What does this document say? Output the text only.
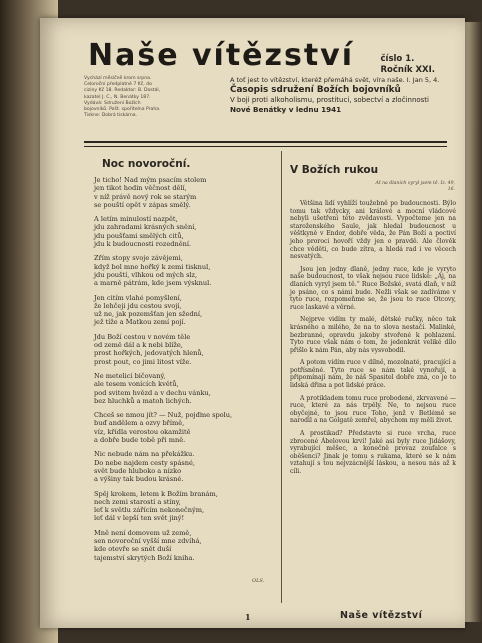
Naše vítězství	číslo 1.
Ročník XXI.
Vychází měsíčně krom srpna. Celoroční předplatné 7 Kč, do ciziny Kč 18. Redaktor: B. Dostál, kazatel J. C., N. Benátky 187. Vydává: Sdružení Božích bojovníků. Pošt. spořitelna Praha. Tiskne: Dobrá tiskárna.
A toť jest to vítězství, kteréž přemáhá svět, víra naše. I. Jan 5, 4.
Časopis sdružení Božích bojovníků
V boji proti alkoholismu, prostituci, sobectví a zločinnosti
Nové Benátky v lednu 1941
Noc novoroční.
Je ticho! Nad mým psacím stolem
jen tikot hodin věčnost dělí,
v níž právě nový rok se starým
se pouští opět v zápas smělý.
A letím minulostí nazpět,
jdu zahradami krásných snění,
jdu poušťami smělých citů,
jdu k budoucnosti rozednění.
Zřím stopy svoje závějemi,
když bol mne hořký k zemi tisknul,
jdu pouští, vlhkou od mých slz,
a marně pátrám, kde jsem výsknul.
Jen citím vlahé pomyšlení,
že lehčeji jdu cestou svojí,
už ne, jak pozemšťan jen sžední,
jež tíže a Matkou zemí pojí.
Jdu Boží cestou v novém těle
od země dál a k nebi blíže,
prost hořkých, jedovatých hlenů,
prost pout, co jimi litost víže.
Ne metelicí bičovaný,
ale tesem vonících květů,
pod svitem hvězd a v dechu vánku,
bez hluchků a matoh lichých.
Chceš se nmou jít? — Nuž, pojďme spolu,
buď andělem a ozvy břímě,
víz, křídla verostou okamžitě
a dobře bude tobě při mně.
Nic nebude nám na překážku.
Do nebe najdem cesty spásné,
svět bude hluboko a nízko
a výšiny tak budou krásné.
Spěj krokem, letem k Božím branám,
nech zemi starostí a stíny,
leť k světlu zářícím nekonečným,
leť dál v lepší ten svět jiný!
Mně není domovem už země,
sen novoroční vyšší mne zdvíhá,
kde otevře se snět duší
tajemství skrytých Boží kniha.
OLS.
V Božích rukou
Ať na dlaních vyryl jsem tě. Iz. 49, 16.

Většina lidí vyhlíží toužebně po budoucnosti. Býlo tomu tak vždycky, ani králové a mocní vládcové nebyli ušetřeni této zvědavosti. Vypočteme jen na staroženského Saule, jak hledal budoucnost u věštkyně v Endor, dobře věda, že Pán Boží a poctiví jeho proroci hovoří vždy jen o pravdě. Ale člověk chce věděti, co bude zítra, a hledá rad i ve věcech nesvatých.

Jsou jen jedny dlaně, jedny ruce, kde je vyryto naše budoucnost, to však nejsou ruce lidské: „Aj, na dlaních vyryl jsem tě.“ Ruce Božské, svatá dlaň, v níž je psáno, co s námi bude. Nežli však se zadíváme v tyto ruce, rozpomeňme se, že jsou to ruce Otcovy, ruce laskavé a věrné.

Nejprve vidím ty malé, dětské ručky, něco tak krásného a milého, že na to slova nestačí. Malinké, bezbranné, opravdu jakoby stvořené k pohlazení. Tyto ruce však nám o tom, že jedenkrát veliké dílo přišlo k nám Pán, aby nás vysvobodil.

A potom vidím ruce v dílně, mozolnaté, pracující a potřísněné. Tyto ruce se nám také vynořují, a připomínají nám, že náš Spasitel dobře zná, co je to lidská dřina a pot lidské práce.

A protikladem tomu ruce probodené, zkrvavené — ruce, které za nás trpěly. Ne, to nejsou ruce obyčejné, to jsou ruce Toho, jenž v Betlémě se narodil a na Golgatě zemřel, abychom my měli život.

A prostikad? Představte si ruce vrcha, ruce zbrocené Ábelovou krví! Jaké asi byly ruce Jidášovy, vyrabující měšec, a konečně provaz zoufalce s oběšenci? Jinak je tomu s rukama, které se k nám vztahují s tou nejvzácnější láskou, a nesou nás až k cíli.

1	Naše vítězství
